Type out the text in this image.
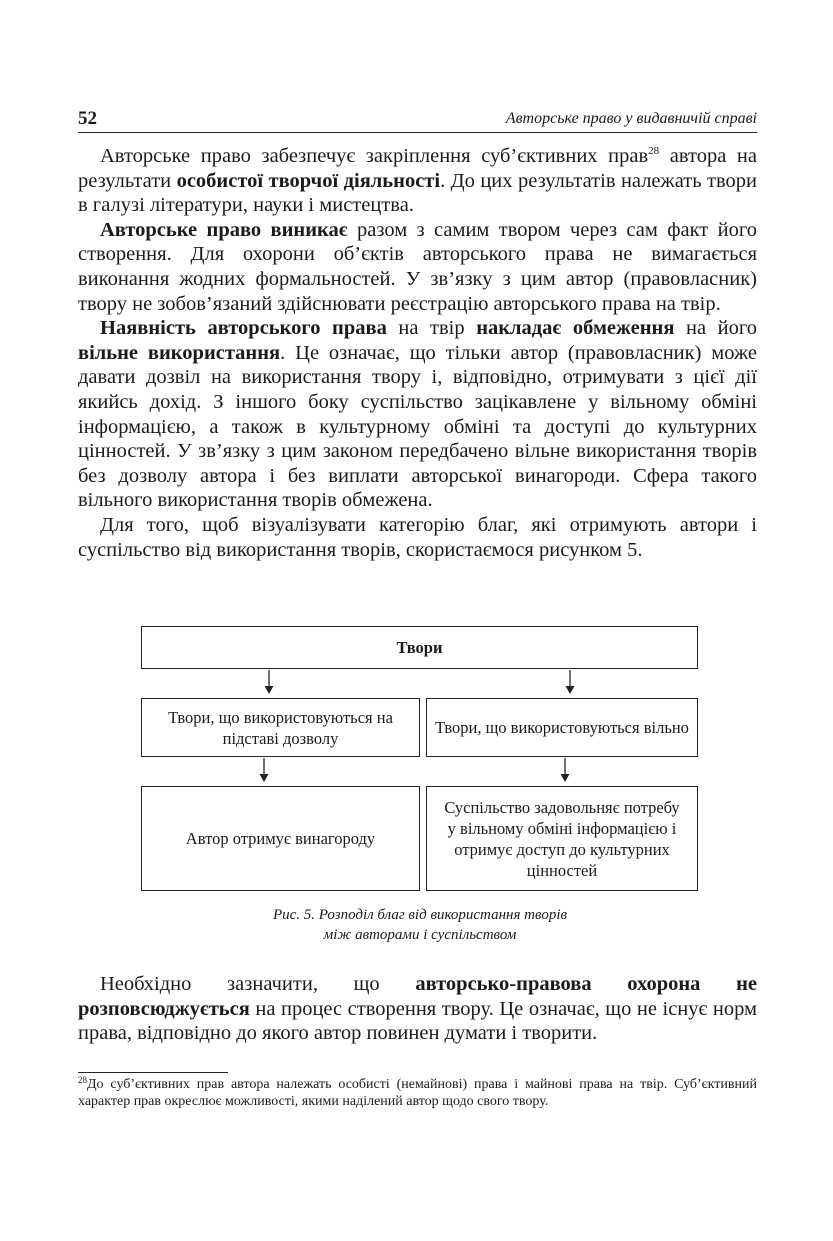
52	Авторське право у видавничій справі

Авторське право забезпечує закріплення суб’єктивних прав$^{28}$ автора на результати особистої творчої діяльності. До цих результатів належать твори в галузі літератури, науки і мистецтва.

Авторське право виникає разом з самим твором через сам факт його створення. Для охорони об’єктів авторського права не вимагається виконання жодних формальностей. У зв’язку з цим автор (правовласник) твору не зобов’язаний здійснювати реєстрацію авторського права на твір.

Наявність авторського права на твір накладає обмеження на його вільне використання. Це означає, що тільки автор (правовласник) може давати дозвіл на використання твору і, відповідно, отримувати з цієї дії якийсь дохід. З іншого боку суспільство зацікавлене у вільному обміні інформацією, а також в культурному обміні та доступі до культурних цінностей. У зв’язку з цим законом передбачено вільне використання творів без дозволу автора і без виплати авторської винагороди. Сфера такого вільного використання творів обмежена.

Для того, щоб візуалізувати категорію благ, які отримують автори і суспільство від використання творів, скористаємося рисунком 5.

Твори
Твори, що використовуються на підставі дозволу
Твори, що використовуються вільно
Автор отримує винагороду
Суспільство задовольняє потребу у вільному обміні інформацією і отримує доступ до культурних цінностей
Рис. 5. Розподіл благ від використання творів
між авторами і суспільством

Необхідно зазначити, що авторсько-правова охорона не розповсюджується на процес створення твору. Це означає, що не існує норм права, відповідно до якого автор повинен думати і творити.

$^{28}$До суб’єктивних прав автора належать особисті (немайнові) права і майнові права на твір. Суб’єктивний характер прав окреслює можливості, якими наділений автор щодо свого твору.
